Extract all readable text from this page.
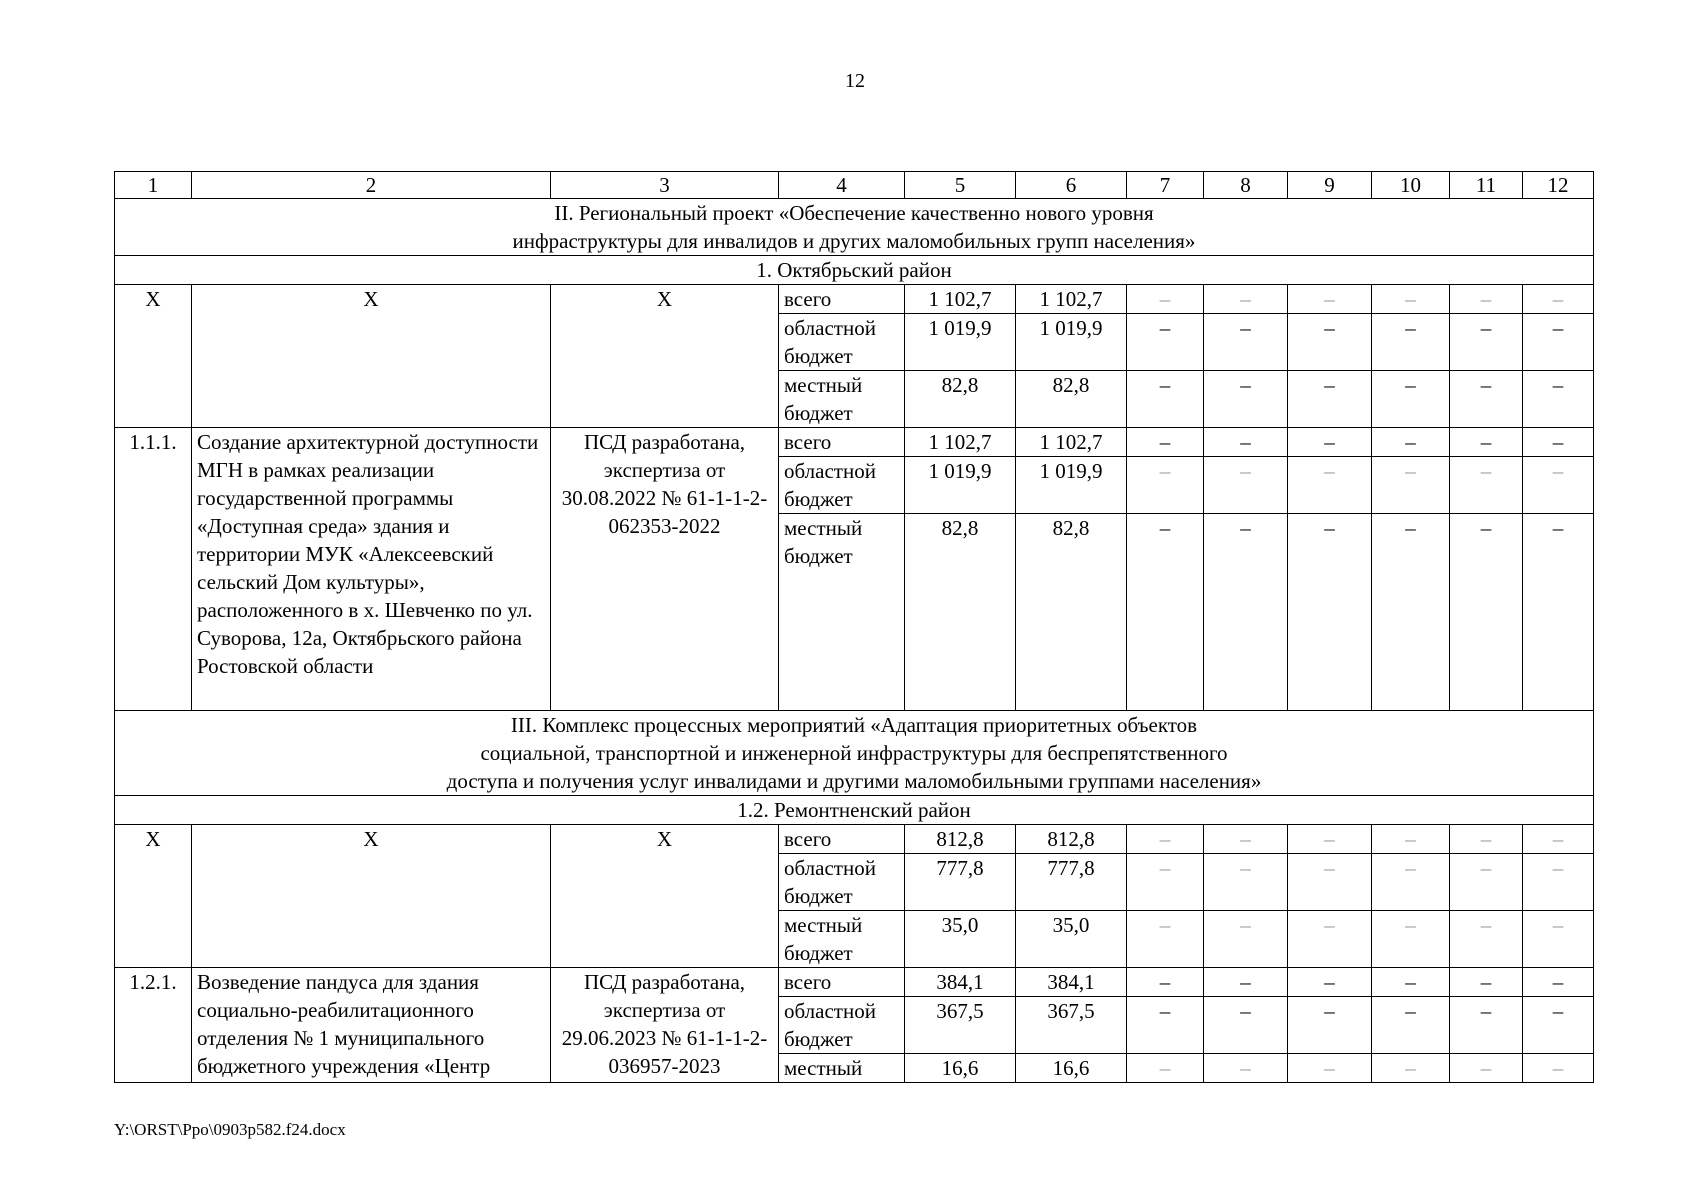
12
1	2	3	4	5	6	7	8	9	10	11	12

II. Региональный проект «Обеспечение качественно нового уровня
инфраструктуры для инвалидов и других маломобильных групп населения»											

1. Октябрьский район											
Х	Х	Х	всего	1 102,7	1 102,7	–	–	–	–	–	–
			областной бюджет	1 019,9	1 019,9	–	–	–	–	–	–
			местный бюджет	82,8	82,8	–	–	–	–	–	–
1.1.1.	Создание архитектурной доступности МГН в рамках реализации государственной программы «Доступная среда» здания и территории МУК «Алексеевский сельский Дом культуры», расположенного в х. Шевченко по ул. Суворова, 12а, Октябрьского района Ростовской области	ПСД разработана, экспертиза от 30.08.2022 № 61-1-1-2-062353-2022	всего	1 102,7	1 102,7	–	–	–	–	–	–
			областной бюджет	1 019,9	1 019,9	–	–	–	–	–	–
			местный бюджет	82,8	82,8	–	–	–	–	–	–

III. Комплекс процессных мероприятий «Адаптация приоритетных объектов
социальной, транспортной и инженерной инфраструктуры для беспрепятственного
доступа и получения услуг инвалидами и другими маломобильными группами населения»											

1.2. Ремонтненский район											
Х	Х	Х	всего	812,8	812,8	–	–	–	–	–	–
			областной бюджет	777,8	777,8	–	–	–	–	–	–
			местный бюджет	35,0	35,0	–	–	–	–	–	–
1.2.1.	Возведение пандуса для здания социально-реабилитационного отделения № 1 муниципального бюджетного учреждения «Центр	ПСД разработана, экспертиза от 29.06.2023 № 61-1-1-2-036957-2023	всего	384,1	384,1	–	–	–	–	–	–
			областной бюджет	367,5	367,5	–	–	–	–	–	–
			местный	16,6	16,6	–	–	–	–	–	–
Y:\ORST\Ppo\0903p582.f24.docx
